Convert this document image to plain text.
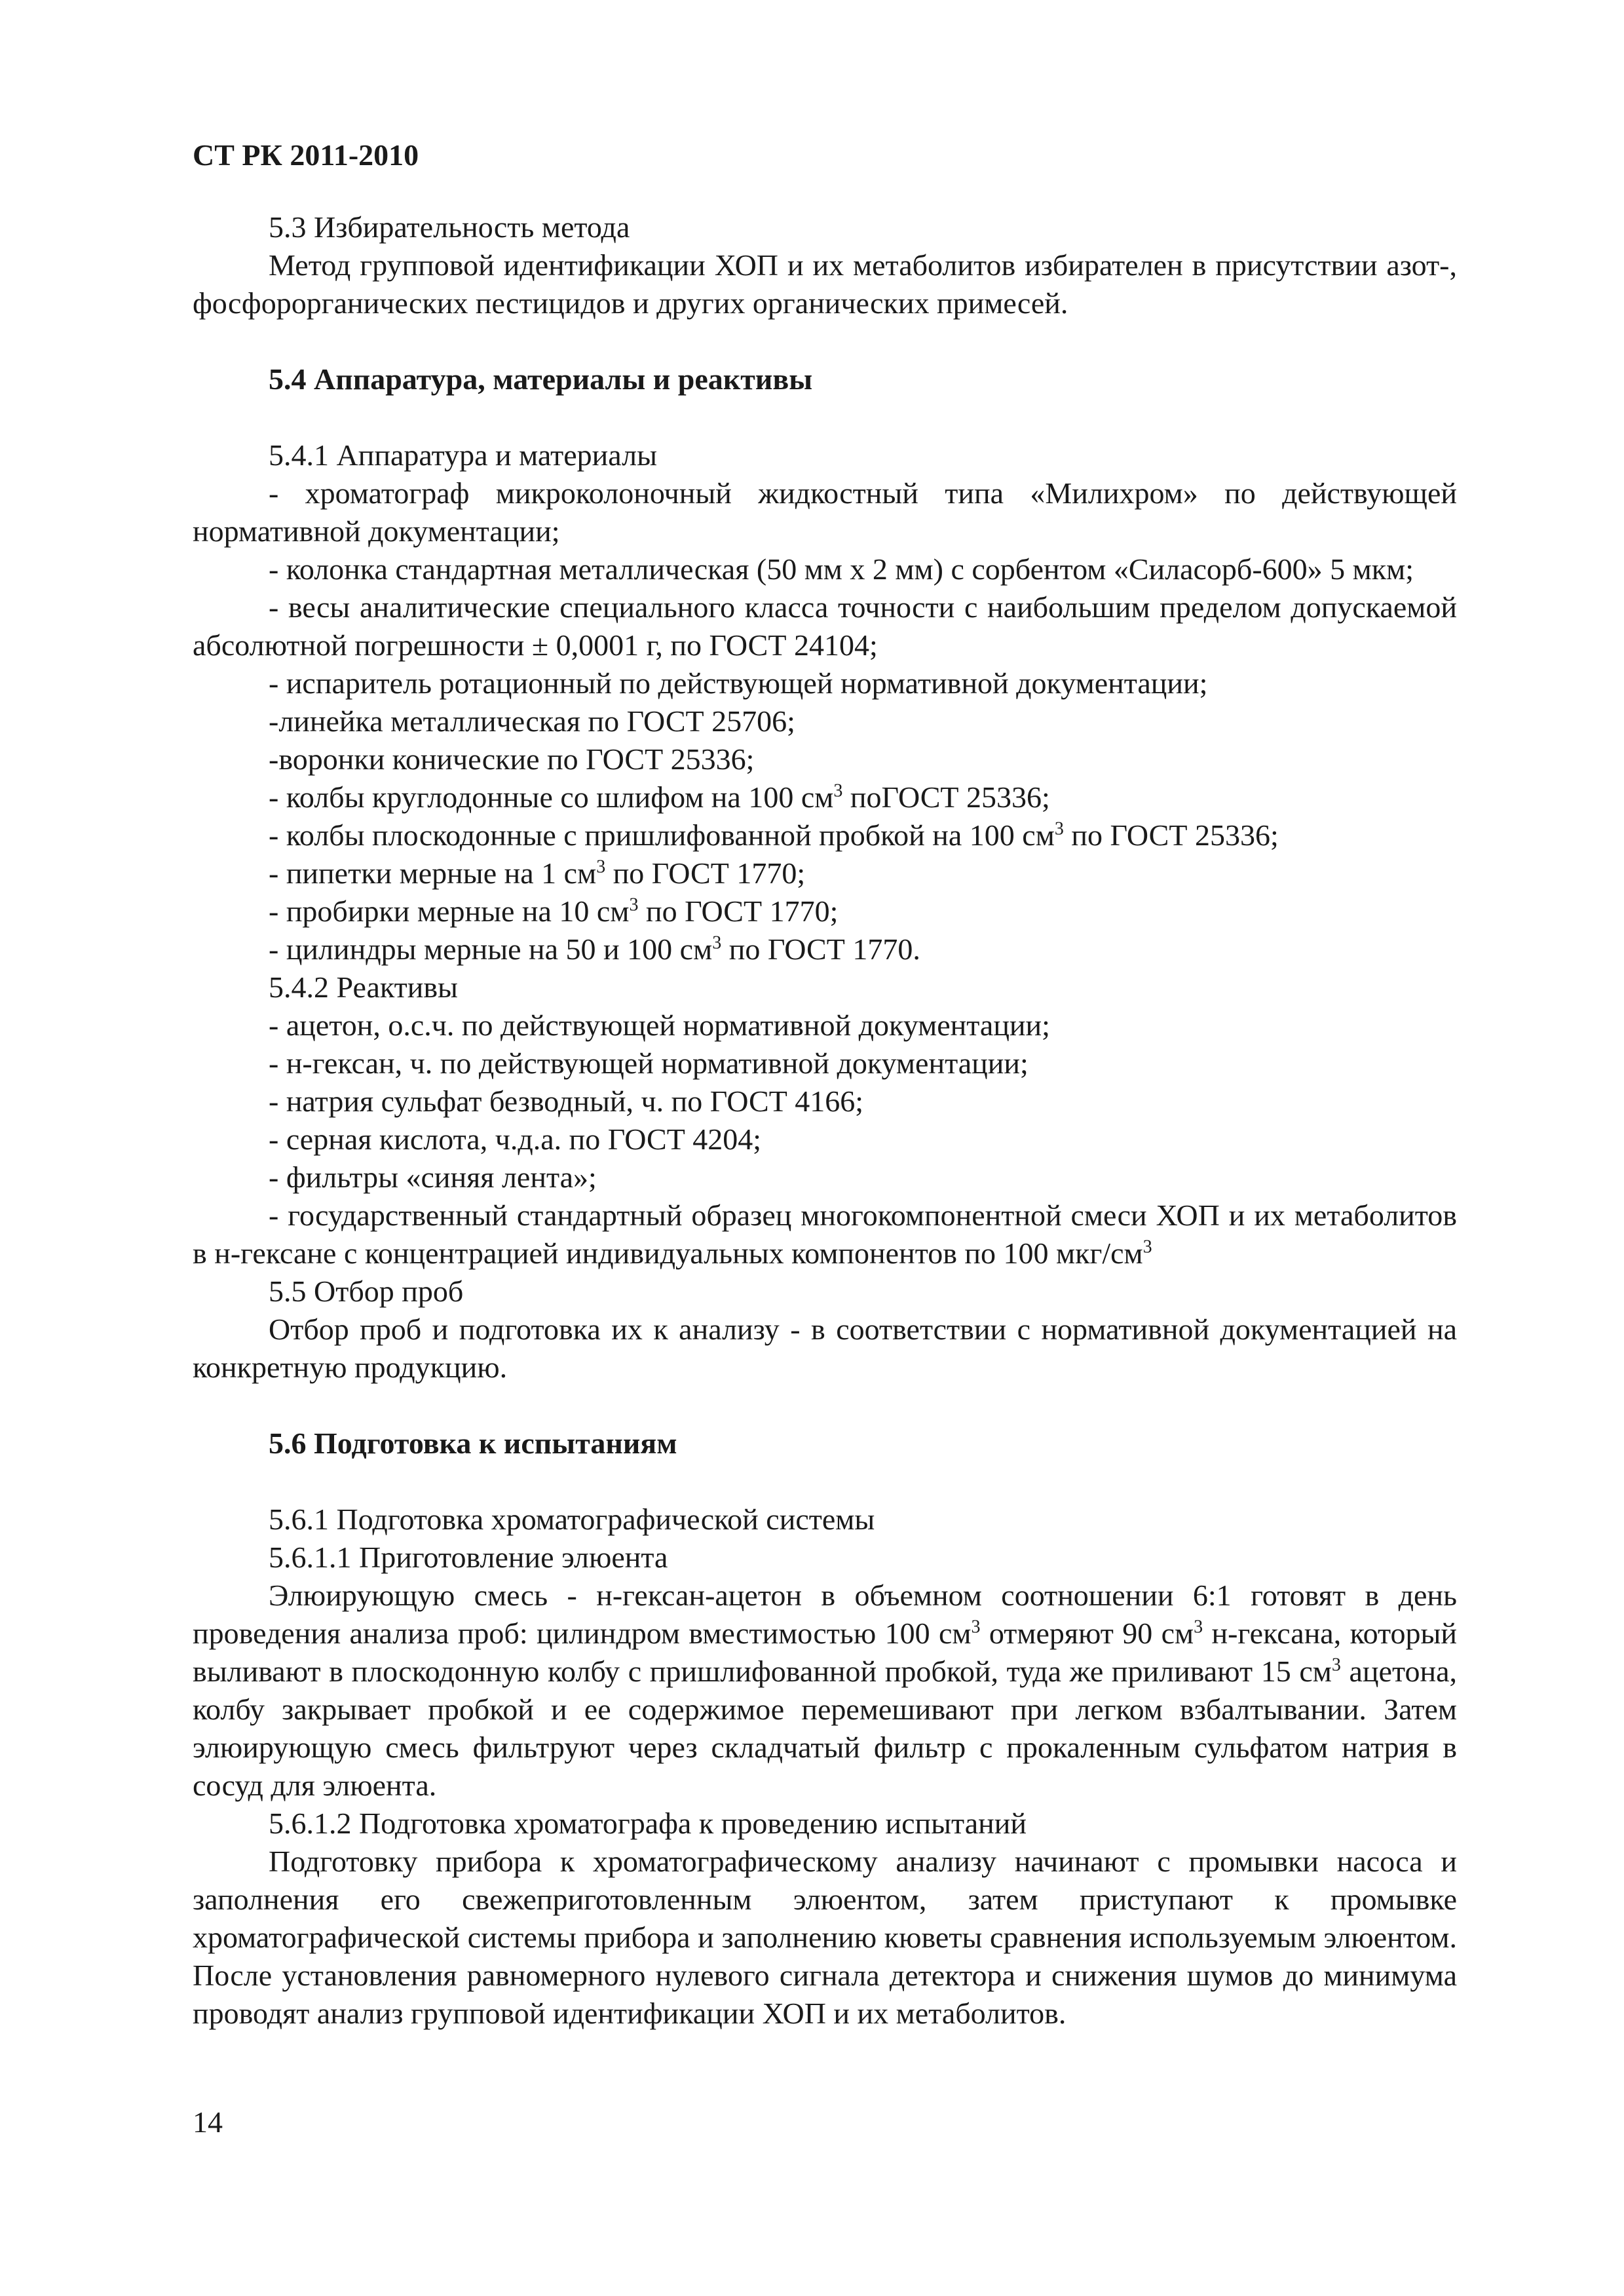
СТ РК 2011-2010

5.3 Избирательность метода

Метод групповой идентификации ХОП и их метаболитов избирателен в присутствии азот-, фосфорорганических пестицидов и других органических примесей.

5.4 Аппаратура, материалы и реактивы

5.4.1 Аппаратура и материалы

- хроматограф микроколоночный жидкостный типа «Милихром» по действующей нормативной документации;

- колонка стандартная металлическая (50 мм х 2 мм) с сорбентом «Силасорб-600» 5 мкм;

- весы аналитические специального класса точности с наибольшим пределом допускаемой абсолютной погрешности ± 0,0001 г, по ГОСТ 24104;

- испаритель ротационный по действующей нормативной документации;

-линейка металлическая по ГОСТ 25706;

-воронки конические по ГОСТ 25336;

- колбы круглодонные со шлифом на 100 $см^3$ поГОСТ 25336;

- колбы плоскодонные с пришлифованной пробкой на 100 $см^3$ по ГОСТ 25336;

- пипетки мерные на 1 $см^3$ по ГОСТ 1770;

- пробирки мерные на 10 $см^3$ по ГОСТ 1770;

- цилиндры мерные на 50 и 100 $см^3$ по ГОСТ 1770.

5.4.2 Реактивы

- ацетон, о.с.ч. по действующей нормативной документации;

- н-гексан, ч. по действующей нормативной документации;

- натрия сульфат безводный, ч. по ГОСТ 4166;

- серная кислота, ч.д.а. по ГОСТ 4204;

- фильтры «синяя лента»;

- государственный стандартный образец многокомпонентной смеси ХОП и их метаболитов в н-гексане с концентрацией индивидуальных компонентов по 100 мкг/$см^3$

5.5 Отбор проб

Отбор проб и подготовка их к анализу - в соответствии с нормативной документацией на конкретную продукцию.

5.6 Подготовка к испытаниям

5.6.1 Подготовка хроматографической системы

5.6.1.1 Приготовление элюента

Элюирующую смесь - н-гексан-ацетон в объемном соотношении 6:1 готовят в день проведения анализа проб: цилиндром вместимостью 100 $см^3$ отмеряют 90 $см^3$ н-гексана, который выливают в плоскодонную колбу с пришлифованной пробкой, туда же приливают 15 $см^3$ ацетона, колбу закрывает пробкой и ее содержимое перемешивают при легком взбалтывании. Затем элюирующую смесь фильтруют через складчатый фильтр с прокаленным сульфатом натрия в сосуд для элюента.

5.6.1.2 Подготовка хроматографа к проведению испытаний

Подготовку прибора к хроматографическому анализу начинают с промывки насоса и заполнения его свежеприготовленным элюентом, затем приступают к промывке хроматографической системы прибора и заполнению кюветы сравнения используемым элюентом. После установления равномерного нулевого сигнала детектора и снижения шумов до минимума проводят анализ групповой идентификации ХОП и их метаболитов.

14
